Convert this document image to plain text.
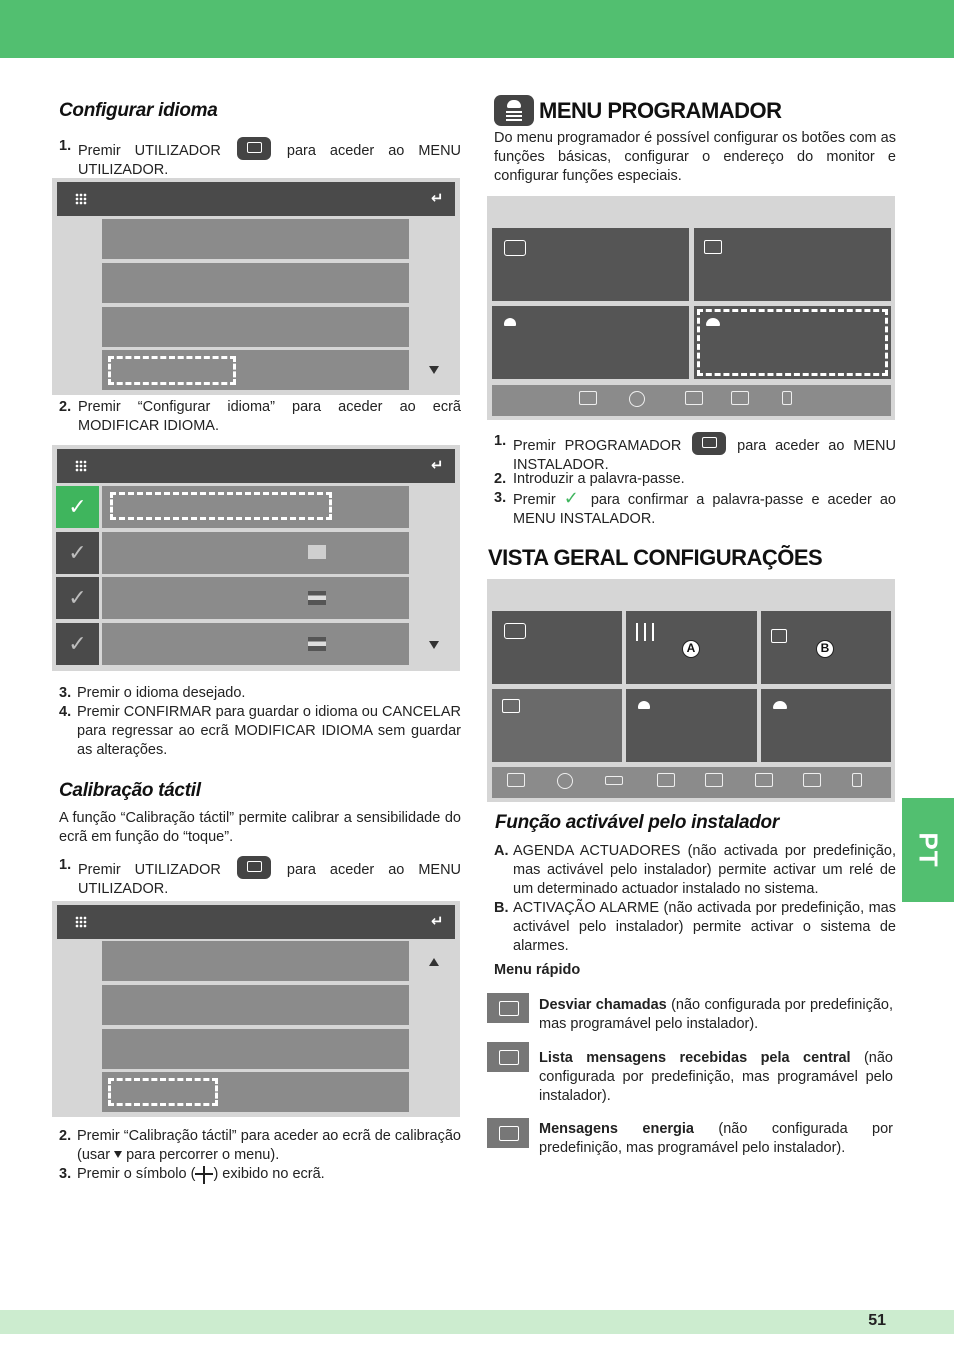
PT
51
Configurar idioma
1. Premir UTILIZADOR	para aceder ao MENU UTILIZADOR.
↵
2. Premir “Configurar idioma” para aceder ao ecrã MODIFICAR IDIOMA.
↵
✓
✓
✓
✓
3. Premir o idioma desejado.
4. Premir CONFIRMAR para guardar o idioma ou CANCELAR para regressar ao ecrã MODIFICAR IDIOMA sem guardar as alterações.
Calibração táctil

A função “Calibração táctil” permite calibrar a sensibilidade do ecrã em função do “toque”.

1. Premir UTILIZADOR	para aceder ao MENU UTILIZADOR.
↵
2. Premir “Calibração táctil” para aceder ao ecrã de calibração (usar para percorrer o menu).
3. Premir o símbolo ( ) exibido no ecrã.
MENU PROGRAMADOR

Do menu programador é possível configurar os botões com as funções básicas, configurar o endereço do monitor e configurar funções especiais.

1. Premir PROGRAMADOR	para aceder ao MENU INSTALADOR.
2. Introduzir a palavra-passe.
3. Premir ✓ para confirmar a palavra-passe e aceder ao MENU INSTALADOR.
VISTA GERAL CONFIGURAÇÕES
A	B
Função activável pelo instalador
A. AGENDA ACTUADORES (não activada por predefinição, mas activável pelo instalador) permite activar um relé de um determinado actuador instalado no sistema.
B. ACTIVAÇÃO ALARME (não activada por predefinição, mas activável pelo instalador) permite activar o sistema de alarmes.
Menu rápido
Desviar chamadas (não configurada por predefinição, mas programável pelo instalador).
Lista mensagens recebidas pela central (não configurada por predefinição, mas programável pelo instalador).
Mensagens energia (não configurada por predefinição, mas programável pelo instalador).
